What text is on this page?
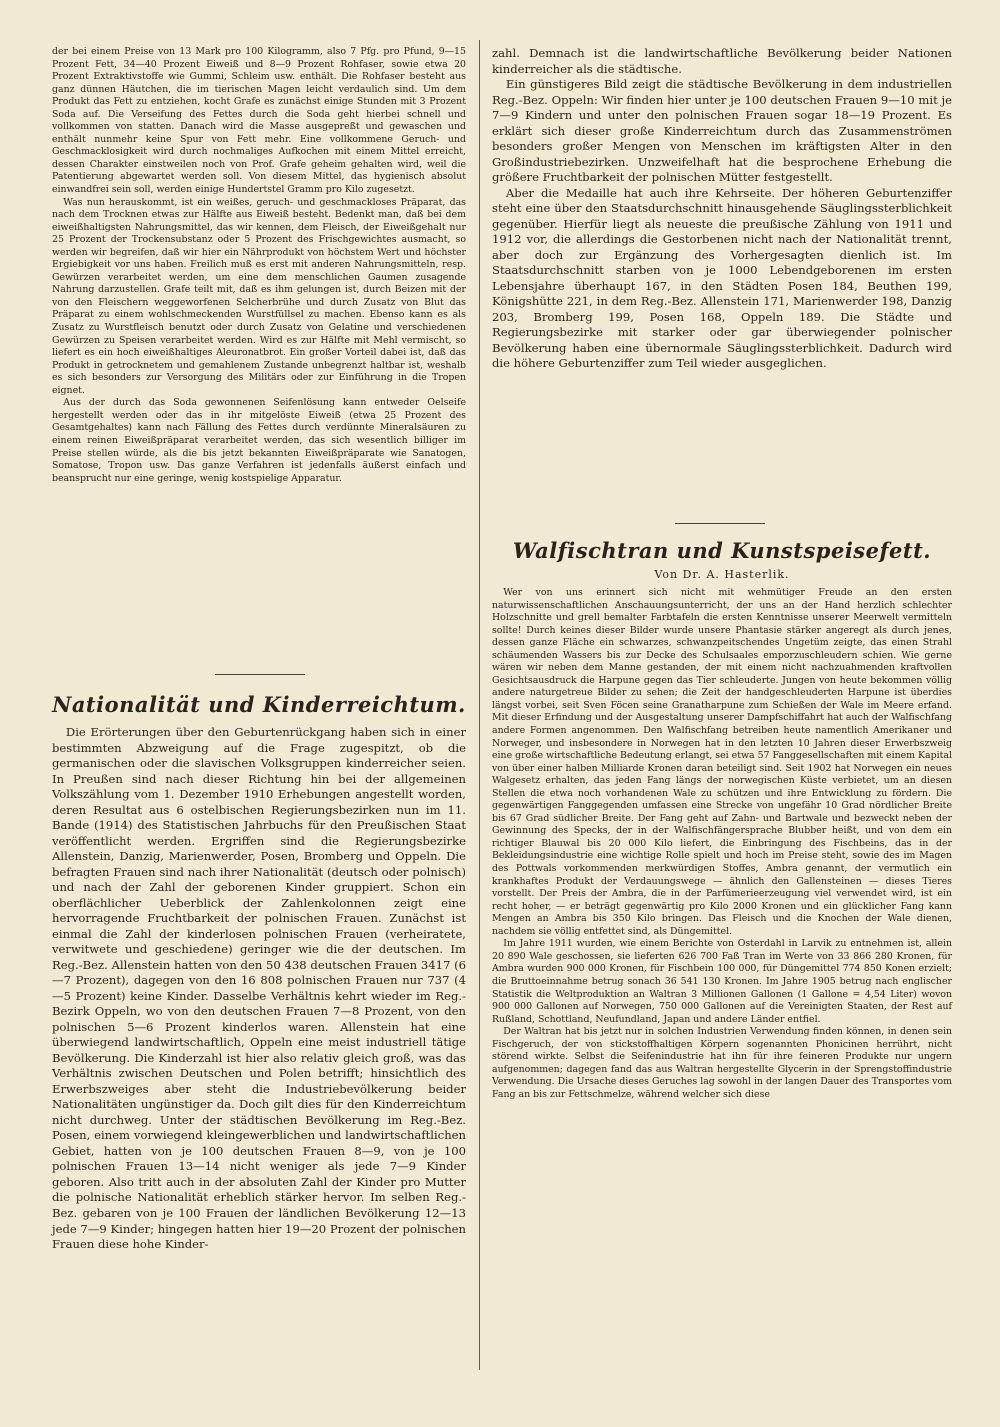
der bei einem Preise von 13 Mark pro 100 Kilogramm, also 7 Pfg. pro Pfund, 9—15 Prozent Fett, 34—40 Prozent Eiweiß und 8—9 Prozent Rohfaser, sowie etwa 20 Prozent Extraktivstoffe wie Gummi, Schleim usw. enthält. Die Rohfaser besteht aus ganz dünnen Häutchen, die im tierischen Magen leicht verdaulich sind. Um dem Produkt das Fett zu entziehen, kocht Grafe es zunächst einige Stunden mit 3 Prozent Soda auf. Die Verseifung des Fettes durch die Soda geht hierbei schnell und vollkommen von statten. Danach wird die Masse ausgepreßt und gewaschen und enthält nunmehr keine Spur von Fett mehr. Eine vollkommene Geruch- und Geschmacklosigkeit wird durch nochmaliges Aufkochen mit einem Mittel erreicht, dessen Charakter einstweilen noch von Prof. Grafe geheim gehalten wird, weil die Patentierung abgewartet werden soll. Von diesem Mittel, das hygienisch absolut einwandfrei sein soll, werden einige Hundertstel Gramm pro Kilo zugesetzt.

Was nun herauskommt, ist ein weißes, geruch- und geschmackloses Präparat, das nach dem Trocknen etwas zur Hälfte aus Eiweiß besteht. Bedenkt man, daß bei dem eiweißhaltigsten Nahrungsmittel, das wir kennen, dem Fleisch, der Eiweißgehalt nur 25 Prozent der Trockensubstanz oder 5 Prozent des Frischgewichtes ausmacht, so werden wir begreifen, daß wir hier ein Nährprodukt von höchstem Wert und höchster Ergiebigkeit vor uns haben. Freilich muß es erst mit anderen Nahrungsmitteln, resp. Gewürzen verarbeitet werden, um eine dem menschlichen Gaumen zusagende Nahrung darzustellen. Grafe teilt mit, daß es ihm gelungen ist, durch Beizen mit der von den Fleischern weggeworfenen Selcherbrühe und durch Zusatz von Blut das Präparat zu einem wohlschmeckenden Wurstfüllsel zu machen. Ebenso kann es als Zusatz zu Wurstfleisch benutzt oder durch Zusatz von Gelatine und verschiedenen Gewürzen zu Speisen verarbeitet werden. Wird es zur Hälfte mit Mehl vermischt, so liefert es ein hoch eiweißhaltiges Aleuronatbrot. Ein großer Vorteil dabei ist, daß das Produkt in getrocknetem und gemahlenem Zustande unbegrenzt haltbar ist, weshalb es sich besonders zur Versorgung des Militärs oder zur Einführung in die Tropen eignet.

Aus der durch das Soda gewonnenen Seifenlösung kann entweder Oelseife hergestellt werden oder das in ihr mitgelöste Eiweiß (etwa 25 Prozent des Gesamtgehaltes) kann nach Fällung des Fettes durch verdünnte Mineralsäuren zu einem reinen Eiweißpräparat verarbeitet werden, das sich wesentlich billiger im Preise stellen würde, als die bis jetzt bekannten Eiweißpräparate wie Sanatogen, Somatose, Tropon usw. Das ganze Verfahren ist jedenfalls äußerst einfach und beansprucht nur eine geringe, wenig kostspielige Apparatur.

Nationalität und Kinderreichtum.

Die Erörterungen über den Geburtenrückgang haben sich in einer bestimmten Abzweigung auf die Frage zugespitzt, ob die germanischen oder die slavischen Volksgruppen kinderreicher seien. In Preußen sind nach dieser Richtung hin bei der allgemeinen Volkszählung vom 1. Dezember 1910 Erhebungen angestellt worden, deren Resultat aus 6 ostelbischen Regierungsbezirken nun im 11. Bande (1914) des Statistischen Jahrbuchs für den Preußischen Staat veröffentlicht werden. Ergriffen sind die Regierungsbezirke Allenstein, Danzig, Marienwerder, Posen, Bromberg und Oppeln. Die befragten Frauen sind nach ihrer Nationalität (deutsch oder polnisch) und nach der Zahl der geborenen Kinder gruppiert. Schon ein oberflächlicher Ueberblick der Zahlenkolonnen zeigt eine hervorragende Fruchtbarkeit der polnischen Frauen. Zunächst ist einmal die Zahl der kinderlosen polnischen Frauen (verheiratete, verwitwete und geschiedene) geringer wie die der deutschen. Im Reg.-Bez. Allenstein hatten von den 50 438 deutschen Frauen 3417 (6—7 Prozent), dagegen von den 16 808 polnischen Frauen nur 737 (4—5 Prozent) keine Kinder. Dasselbe Verhältnis kehrt wieder im Reg.-Bezirk Oppeln, wo von den deutschen Frauen 7—8 Prozent, von den polnischen 5—6 Prozent kinderlos waren. Allenstein hat eine überwiegend landwirtschaftlich, Oppeln eine meist industriell tätige Bevölkerung. Die Kinderzahl ist hier also relativ gleich groß, was das Verhältnis zwischen Deutschen und Polen betrifft; hinsichtlich des Erwerbszweiges aber steht die Industriebevölkerung beider Nationalitäten ungünstiger da. Doch gilt dies für den Kinderreichtum nicht durchweg. Unter der städtischen Bevölkerung im Reg.-Bez. Posen, einem vorwiegend kleingewerblichen und landwirtschaftlichen Gebiet, hatten von je 100 deutschen Frauen 8—9, von je 100 polnischen Frauen 13—14 nicht weniger als jede 7—9 Kinder geboren. Also tritt auch in der absoluten Zahl der Kinder pro Mutter die polnische Nationalität erheblich stärker hervor. Im selben Reg.-Bez. gebaren von je 100 Frauen der ländlichen Bevölkerung 12—13 jede 7—9 Kinder; hingegen hatten hier 19—20 Prozent der polnischen Frauen diese hohe Kinder-

zahl. Demnach ist die landwirtschaftliche Bevölkerung beider Nationen kinderreicher als die städtische.

Ein günstigeres Bild zeigt die städtische Bevölkerung in dem industriellen Reg.-Bez. Oppeln: Wir finden hier unter je 100 deutschen Frauen 9—10 mit je 7—9 Kindern und unter den polnischen Frauen sogar 18—19 Prozent. Es erklärt sich dieser große Kinderreichtum durch das Zusammenströmen besonders großer Mengen von Menschen im kräftigsten Alter in den Großindustriebezirken. Unzweifelhaft hat die besprochene Erhebung die größere Fruchtbarkeit der polnischen Mütter festgestellt.

Aber die Medaille hat auch ihre Kehrseite. Der höheren Geburtenziffer steht eine über den Staatsdurchschnitt hinausgehende Säuglingssterblichkeit gegenüber. Hierfür liegt als neueste die preußische Zählung von 1911 und 1912 vor, die allerdings die Gestorbenen nicht nach der Nationalität trennt, aber doch zur Ergänzung des Vorhergesagten dienlich ist. Im Staatsdurchschnitt starben von je 1000 Lebendgeborenen im ersten Lebensjahre überhaupt 167, in den Städten Posen 184, Beuthen 199, Königshütte 221, in dem Reg.-Bez. Allenstein 171, Marienwerder 198, Danzig 203, Bromberg 199, Posen 168, Oppeln 189. Die Städte und Regierungsbezirke mit starker oder gar überwiegender polnischer Bevölkerung haben eine übernormale Säuglingssterblichkeit. Dadurch wird die höhere Geburtenziffer zum Teil wieder ausgeglichen.

Walfischtran und Kunstspeisefett.
Von Dr. A. Hasterlik.

Wer von uns erinnert sich nicht mit wehmütiger Freude an den ersten naturwissenschaftlichen Anschauungsunterricht, der uns an der Hand herzlich schlechter Holzschnitte und grell bemalter Farbtafeln die ersten Kenntnisse unserer Meerwelt vermitteln sollte! Durch keines dieser Bilder wurde unsere Phantasie stärker angeregt als durch jenes, dessen ganze Fläche ein schwarzes, schwanzpeitschendes Ungetüm zeigte, das einen Strahl schäumenden Wassers bis zur Decke des Schulsaales emporzuschleudern schien. Wie gerne wären wir neben dem Manne gestanden, der mit einem nicht nachzuahmenden kraftvollen Gesichtsausdruck die Harpune gegen das Tier schleuderte. Jungen von heute bekommen völlig andere naturgetreue Bilder zu sehen; die Zeit der handgeschleuderten Harpune ist überdies längst vorbei, seit Sven Föcen seine Granatharpune zum Schießen der Wale im Meere erfand. Mit dieser Erfindung und der Ausgestaltung unserer Dampfschiffahrt hat auch der Walfischfang andere Formen angenommen. Den Walfischfang betreiben heute namentlich Amerikaner und Norweger, und insbesondere in Norwegen hat in den letzten 10 Jahren dieser Erwerbszweig eine große wirtschaftliche Bedeutung erlangt, sei etwa 57 Fanggesellschaften mit einem Kapital von über einer halben Milliarde Kronen daran beteiligt sind. Seit 1902 hat Norwegen ein neues Walgesetz erhalten, das jeden Fang längs der norwegischen Küste verbietet, um an diesen Stellen die etwa noch vorhandenen Wale zu schützen und ihre Entwicklung zu fördern. Die gegenwärtigen Fanggegenden umfassen eine Strecke von ungefähr 10 Grad nördlicher Breite bis 67 Grad südlicher Breite. Der Fang geht auf Zahn- und Bartwale und bezweckt neben der Gewinnung des Specks, der in der Walfischfängersprache Blubber heißt, und von dem ein richtiger Blauwal bis 20 000 Kilo liefert, die Einbringung des Fischbeins, das in der Bekleidungsindustrie eine wichtige Rolle spielt und hoch im Preise steht, sowie des im Magen des Pottwals vorkommenden merkwürdigen Stoffes, Ambra genannt, der vermutlich ein krankhaftes Produkt der Verdauungswege — ähnlich den Gallensteinen — dieses Tieres vorstellt. Der Preis der Ambra, die in der Parfümerieerzeugung viel verwendet wird, ist ein recht hoher, — er beträgt gegenwärtig pro Kilo 2000 Kronen und ein glücklicher Fang kann Mengen an Ambra bis 350 Kilo bringen. Das Fleisch und die Knochen der Wale dienen, nachdem sie völlig entfettet sind, als Düngemittel.

Im Jahre 1911 wurden, wie einem Berichte von Osterdahl in Larvik zu entnehmen ist, allein 20 890 Wale geschossen, sie lieferten 626 700 Faß Tran im Werte von 33 866 280 Kronen, für Ambra wurden 900 000 Kronen, für Fischbein 100 000, für Düngemittel 774 850 Konen erzielt; die Bruttoeinnahme betrug sonach 36 541 130 Kronen. Im Jahre 1905 betrug nach englischer Statistik die Weltproduktion an Waltran 3 Millionen Gallonen (1 Gallone = 4,54 Liter) wovon 900 000 Gallonen auf Norwegen, 750 000 Gallonen auf die Vereinigten Staaten, der Rest auf Rußland, Schottland, Neufundland, Japan und andere Länder entfiel.

Der Waltran hat bis jetzt nur in solchen Industrien Verwendung finden können, in denen sein Fischgeruch, der von stickstoffhaltigen Körpern sogenannten Phonicinen herrührt, nicht störend wirkte. Selbst die Seifenindustrie hat ihn für ihre feineren Produkte nur ungern aufgenommen; dagegen fand das aus Waltran hergestellte Glycerin in der Sprengstoffindustrie Verwendung. Die Ursache dieses Geruches lag sowohl in der langen Dauer des Transportes vom Fang an bis zur Fettschmelze, während welcher sich diese
